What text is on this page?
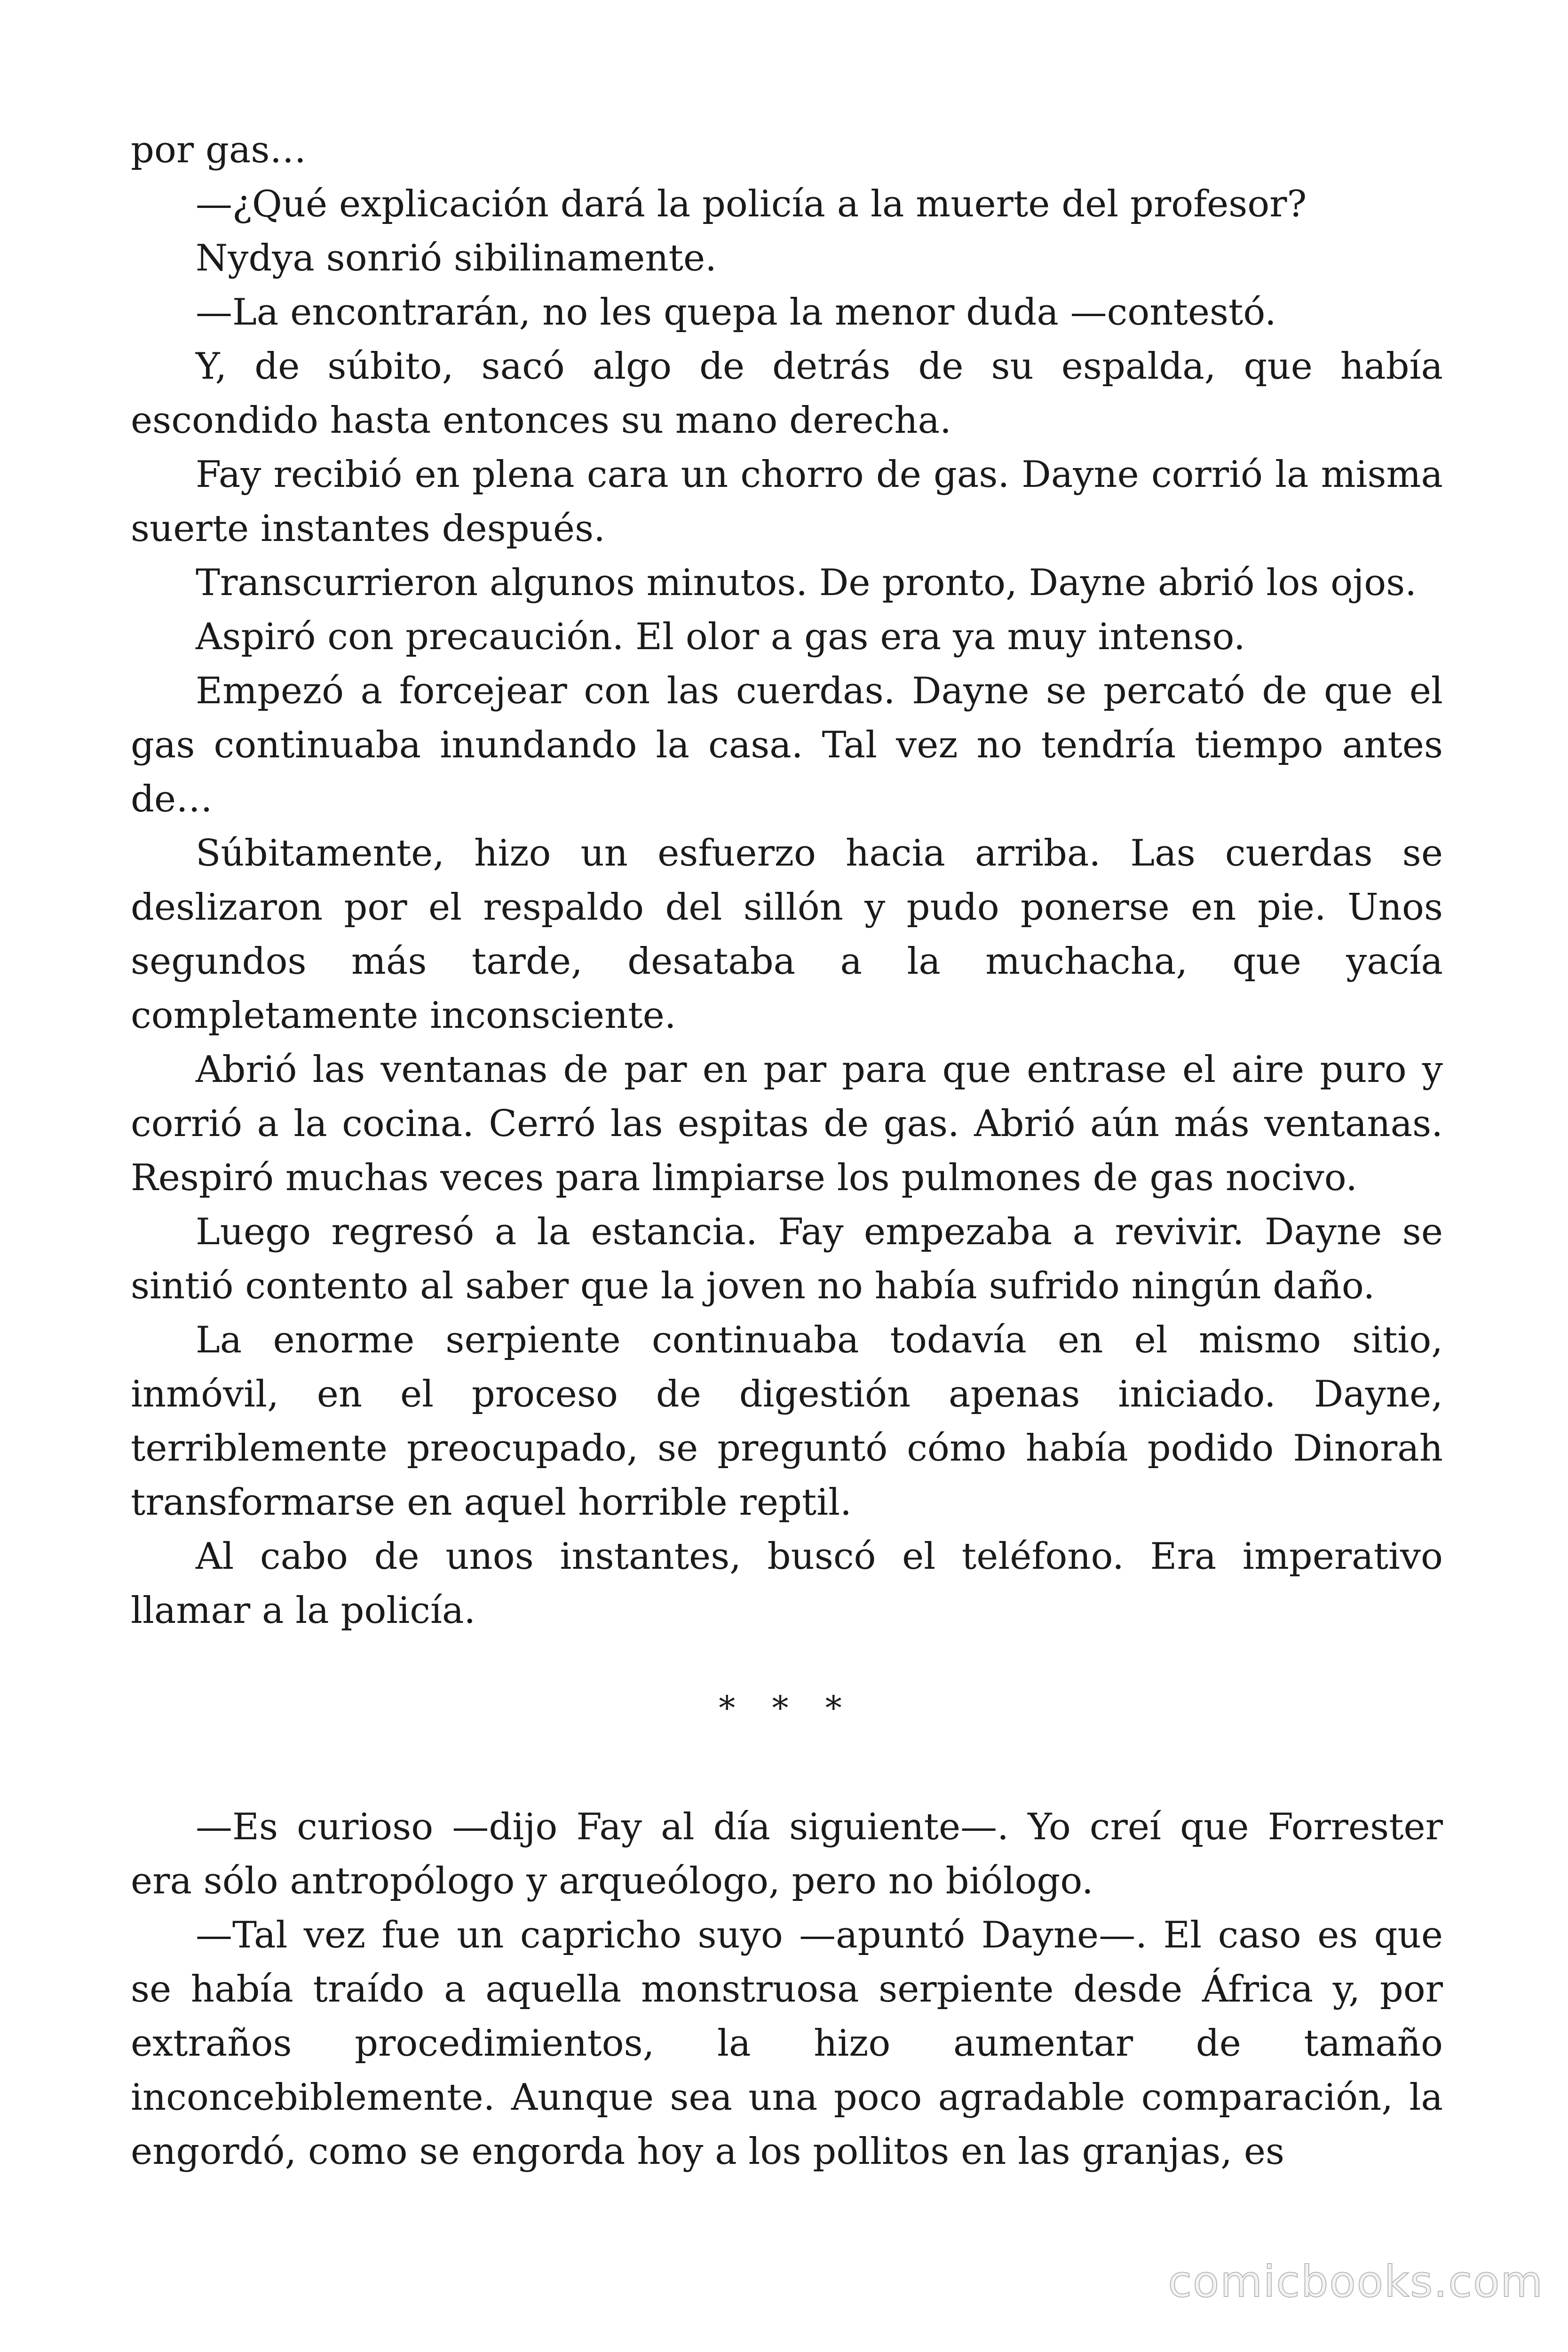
por gas…

—¿Qué explicación dará la policía a la muerte del profesor?

Nydya sonrió sibilinamente.

—La encontrarán, no les quepa la menor duda —contestó.

Y, de súbito, sacó algo de detrás de su espalda, que había escondido hasta entonces su mano derecha.

Fay recibió en plena cara un chorro de gas. Dayne corrió la misma suerte instantes después.

Transcurrieron algunos minutos. De pronto, Dayne abrió los ojos.

Aspiró con precaución. El olor a gas era ya muy intenso.

Empezó a forcejear con las cuerdas. Dayne se percató de que el gas continuaba inundando la casa. Tal vez no tendría tiempo antes de…

Súbitamente, hizo un esfuerzo hacia arriba. Las cuerdas se deslizaron por el respaldo del sillón y pudo ponerse en pie. Unos segundos más tarde, desataba a la muchacha, que yacía completamente inconsciente.

Abrió las ventanas de par en par para que entrase el aire puro y corrió a la cocina. Cerró las espitas de gas. Abrió aún más ventanas. Respiró muchas veces para limpiarse los pulmones de gas nocivo.

Luego regresó a la estancia. Fay empezaba a revivir. Dayne se sintió contento al saber que la joven no había sufrido ningún daño.

La enorme serpiente continuaba todavía en el mismo sitio, inmóvil, en el proceso de digestión apenas iniciado. Dayne, terriblemente preocupado, se preguntó cómo había podido Dinorah transformarse en aquel horrible reptil.

Al cabo de unos instantes, buscó el teléfono. Era imperativo llamar a la policía.

* * *

—Es curioso —dijo Fay al día siguiente—. Yo creí que Forrester era sólo antropólogo y arqueólogo, pero no biólogo.

—Tal vez fue un capricho suyo —apuntó Dayne—. El caso es que se había traído a aquella monstruosa serpiente desde África y, por extraños procedimientos, la hizo aumentar de tamaño inconcebiblemente. Aunque sea una poco agradable comparación, la engordó, como se engorda hoy a los pollitos en las granjas, es

comicbooks.com
